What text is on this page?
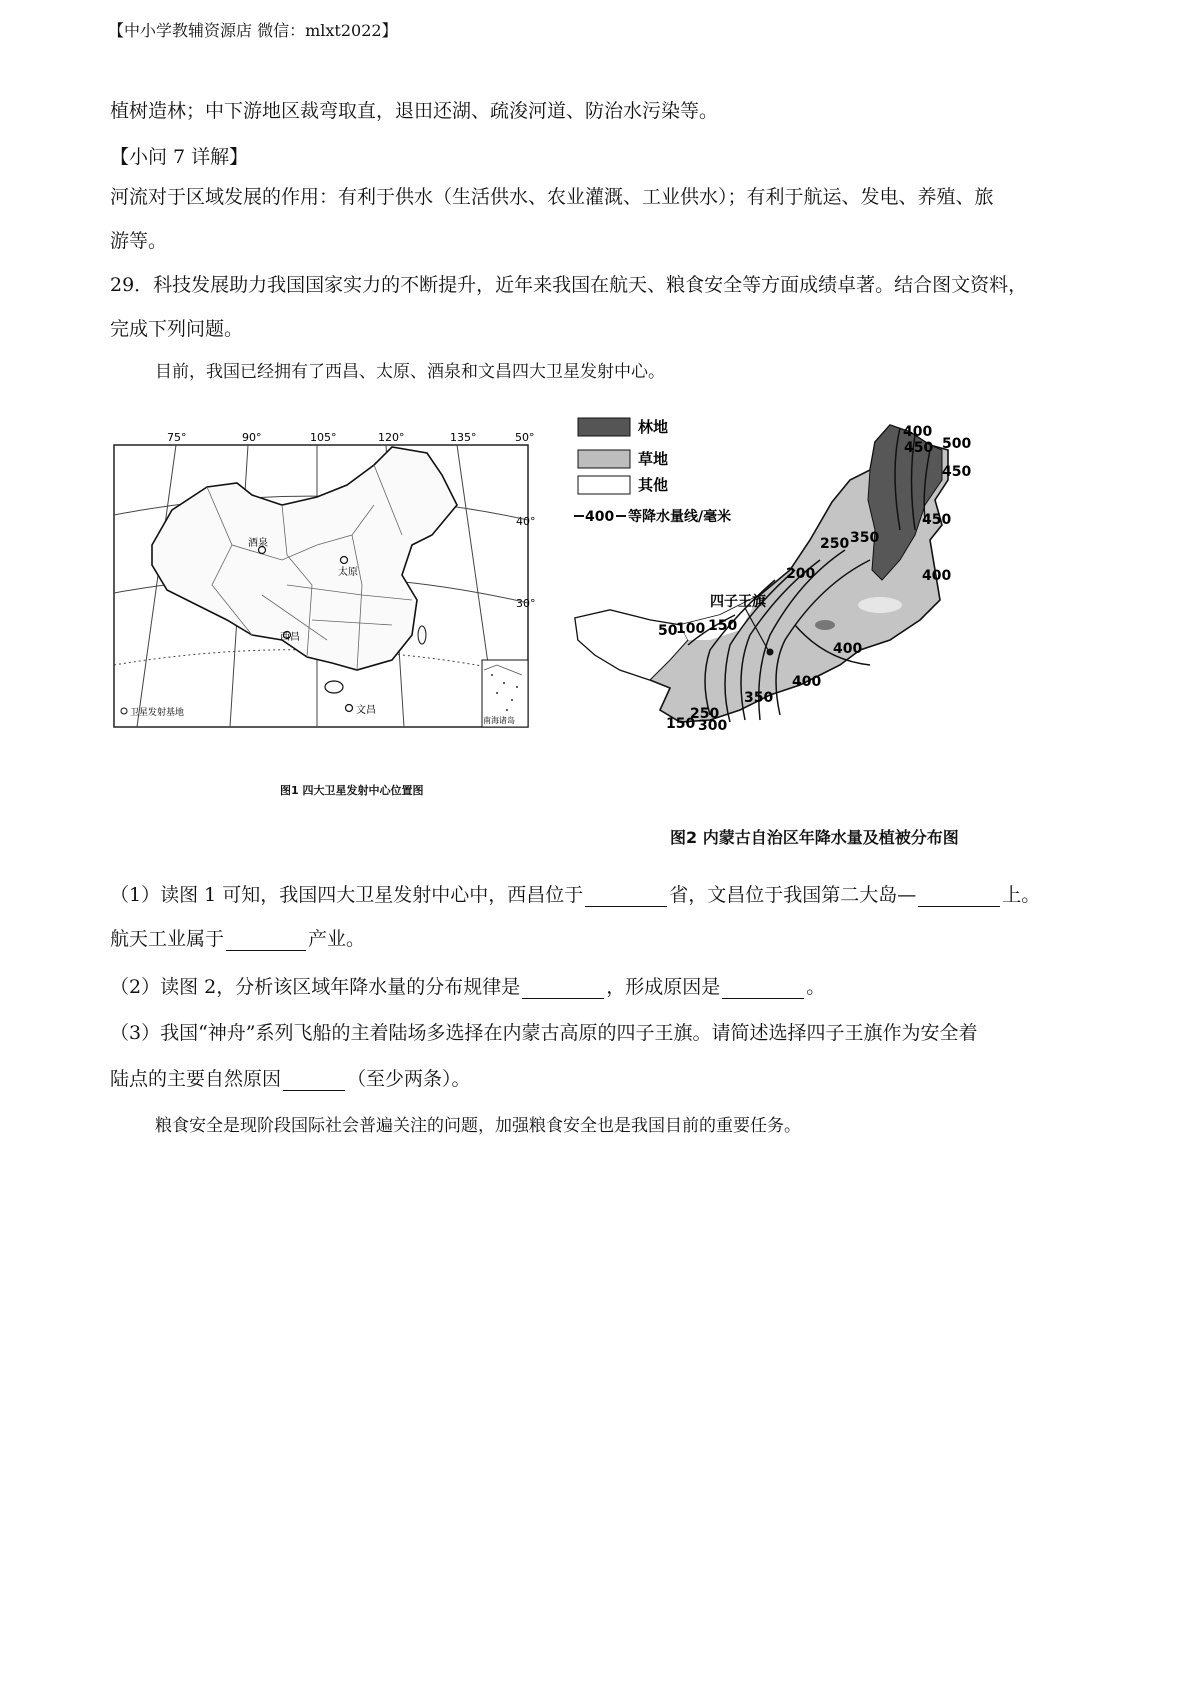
【中小学教辅资源店 微信：mlxt2022】
植树造林；中下游地区裁弯取直，退田还湖、疏浚河道、防治水污染等。
【小问 7 详解】
河流对于区域发展的作用：有利于供水（生活供水、农业灌溉、工业供水）；有利于航运、发电、养殖、旅
游等。
29．科技发展助力我国国家实力的不断提升，近年来我国在航天、粮食安全等方面成绩卓著。结合图文资料，
完成下列问题。
目前，我国已经拥有了西昌、太原、酒泉和文昌四大卫星发射中心。
75°	90°	105°	120°	135°	50°
40°
30°
酒泉
太原
西昌
文昌
卫星发射基地
南海诸岛
图1 四大卫星发射中心位置图
林地
草地
其他
400 等降水量线/毫米
400
450 500
450
450
350
250
400
200
150
100
50
400
400
350
300
250
150
四子王旗
图2 内蒙古自治区年降水量及植被分布图
（1）读图 1 可知，我国四大卫星发射中心中，西昌位于	省，文昌位于我国第二大岛—	上。
航天工业属于	产业。
（2）读图 2，分析该区域年降水量的分布规律是	，形成原因是	。
（3）我国“神舟”系列飞船的主着陆场多选择在内蒙古高原的四子王旗。请简述选择四子王旗作为安全着
陆点的主要自然原因	（至少两条）。
粮食安全是现阶段国际社会普遍关注的问题，加强粮食安全也是我国目前的重要任务。
